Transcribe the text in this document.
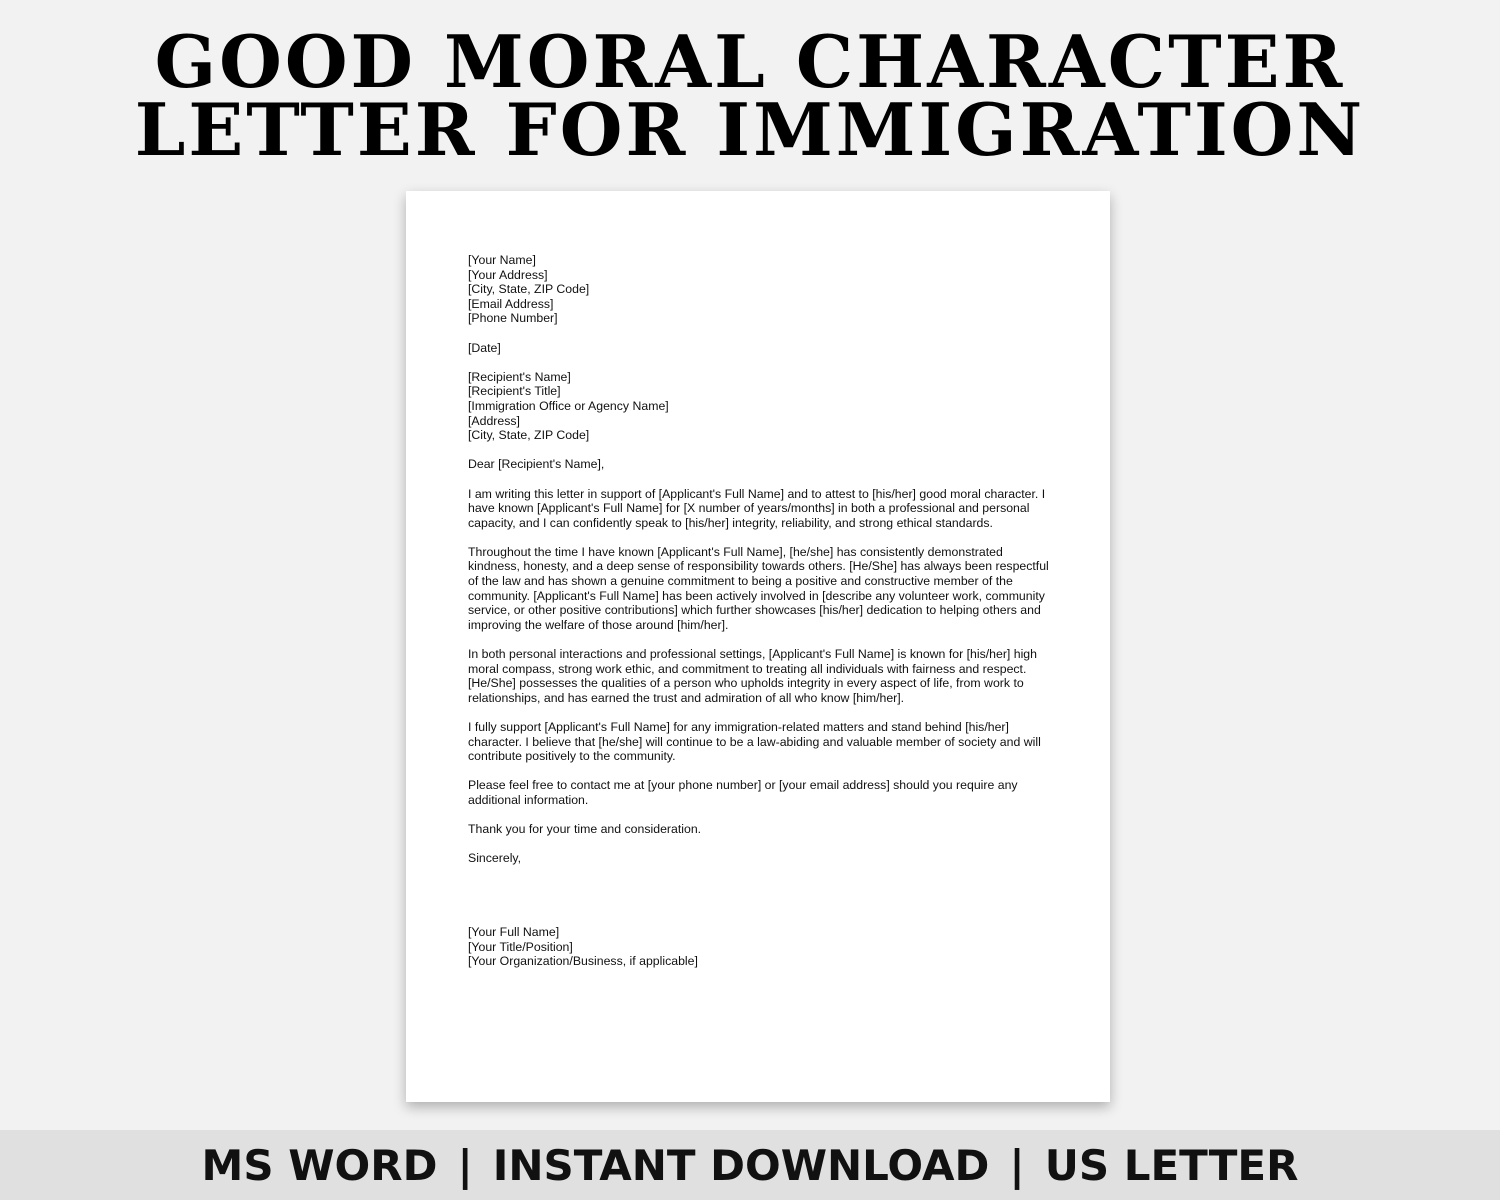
GOOD MORAL CHARACTER
LETTER FOR IMMIGRATION
[Your Name]
[Your Address]
[City, State, ZIP Code]
[Email Address]
[Phone Number]
[Date]
[Recipient's Name]
[Recipient's Title]
[Immigration Office or Agency Name]
[Address]
[City, State, ZIP Code]

Dear [Recipient's Name],

I am writing this letter in support of [Applicant's Full Name] and to attest to [his/her] good moral character. I have known [Applicant's Full Name] for [X number of years/months] in both a professional and personal capacity, and I can confidently speak to [his/her] integrity, reliability, and strong ethical standards.

Throughout the time I have known [Applicant's Full Name], [he/she] has consistently demonstrated kindness, honesty, and a deep sense of responsibility towards others. [He/She] has always been respectful of the law and has shown a genuine commitment to being a positive and constructive member of the community. [Applicant's Full Name] has been actively involved in [describe any volunteer work, community service, or other positive contributions] which further showcases [his/her] dedication to helping others and improving the welfare of those around [him/her].

In both personal interactions and professional settings, [Applicant's Full Name] is known for [his/her] high moral compass, strong work ethic, and commitment to treating all individuals with fairness and respect. [He/She] possesses the qualities of a person who upholds integrity in every aspect of life, from work to relationships, and has earned the trust and admiration of all who know [him/her].

I fully support [Applicant's Full Name] for any immigration-related matters and stand behind [his/her] character. I believe that [he/she] will continue to be a law-abiding and valuable member of society and will contribute positively to the community.

Please feel free to contact me at [your phone number] or [your email address] should you require any additional information.

Thank you for your time and consideration.

Sincerely,
[Your Full Name]
[Your Title/Position]
[Your Organization/Business, if applicable]
MS WORD | INSTANT DOWNLOAD | US LETTER
